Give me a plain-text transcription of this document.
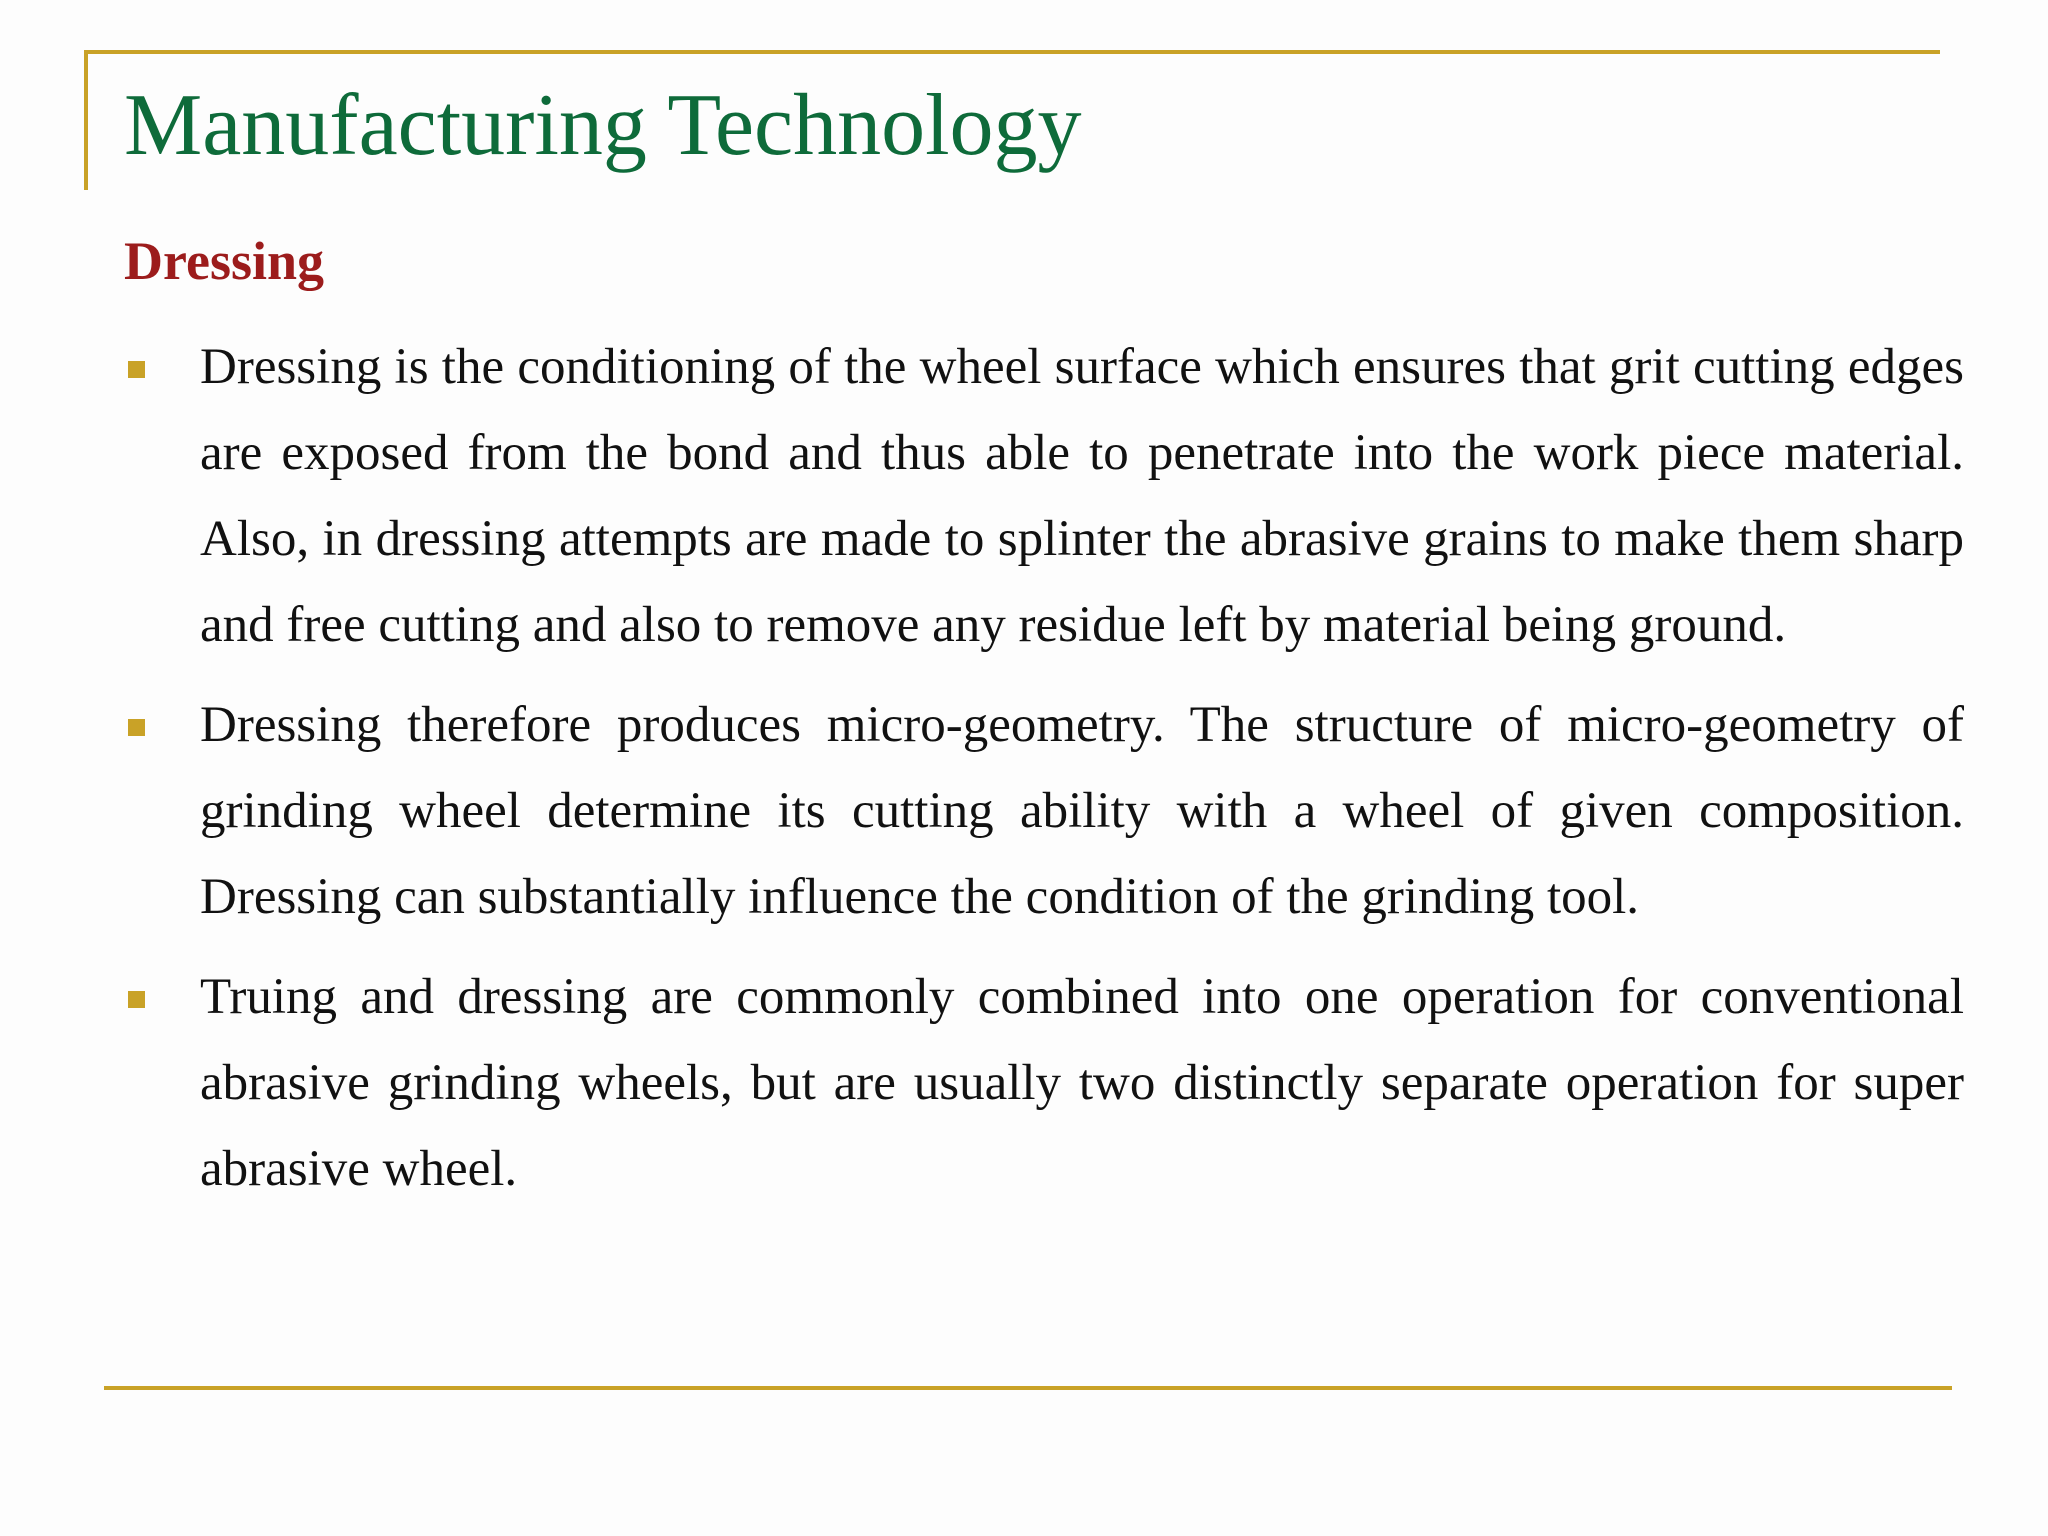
Manufacturing Technology
Dressing
Dressing is the conditioning of the wheel surface which ensures that grit cutting edges are exposed from the bond and thus able to penetrate into the work piece material. Also, in dressing attempts are made to splinter the abrasive grains to make them sharp and free cutting and also to remove any residue left by material being ground.
Dressing therefore produces micro-geometry. The structure of micro-geometry of grinding wheel determine its cutting ability with a wheel of given composition. Dressing can substantially influence the condition of the grinding tool.
Truing and dressing are commonly combined into one operation for conventional abrasive grinding wheels, but are usually two distinctly separate operation for super abrasive wheel.
